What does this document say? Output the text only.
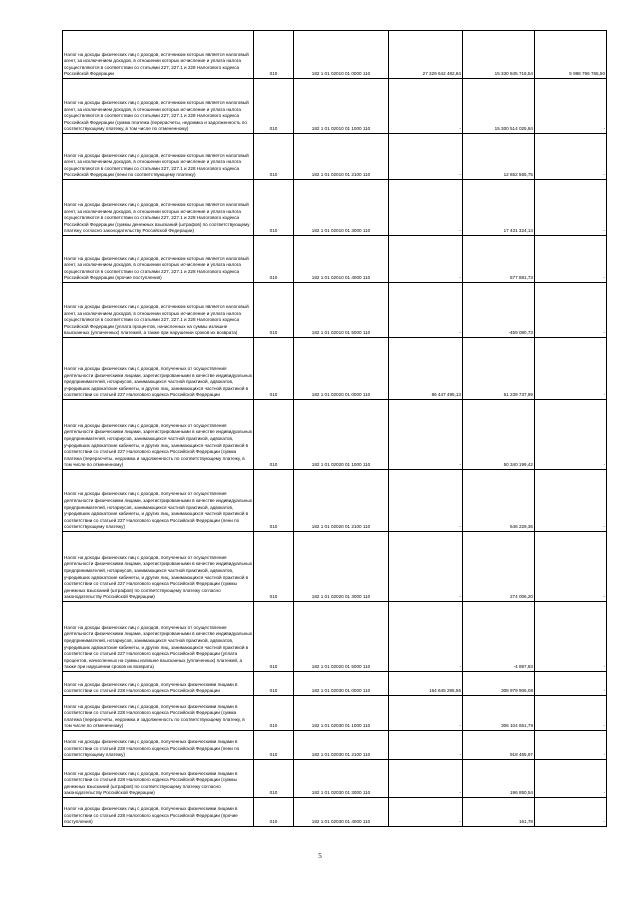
Налог на доходы физических лиц с доходов, источником которых является налоговый агент, за исключением доходов, в отношении которых исчисление и уплата налога осуществляются в соответствии со статьями 227, 227.1 и 228 Налогового кодекса Российской Федерации	010	182 1 01 02010 01 0000 110	27 329 642 482,84	15 330 845 716,54	5 998 796 765,50

Налог на доходы физических лиц с доходов, источником которых является налоговый агент, за исключением доходов, в отношении которых исчисление и уплата налога осуществляются в соответствии со статьями 227, 227.1 и 228 Налогового кодекса Российской Федерации (сумма платежа (перерасчеты, недоимка и задолженность по соответствующему платежу, в том числе по отмененному)	010	182 1 01 02010 01 1000 110	-	15 300 514 025,84	-

Налог на доходы физических лиц с доходов, источником которых является налоговый агент, за исключением доходов, в отношении которых исчисление и уплата налога осуществляются в соответствии со статьями 227, 227.1 и 228 Налогового кодекса Российской Федерации (пени по соответствующему платежу)	010	182 1 01 02010 01 2100 110	-	12 652 565,75	-

Налог на доходы физических лиц с доходов, источником которых является налоговый агент, за исключением доходов, в отношении которых исчисление и уплата налога осуществляются в соответствии со статьями 227, 227.1 и 228 Налогового кодекса Российской Федерации (суммы денежных взысканий (штрафов) по соответствующему платежу согласно законодательству Российской Федерации)	010	182 1 01 02010 01 3000 110	-	17 431 324,14	-

Налог на доходы физических лиц с доходов, источником которых является налоговый агент, за исключением доходов, в отношении которых исчисление и уплата налога осуществляются в соответствии со статьями 227, 227.1 и 228 Налогового кодекса Российской Федерации (прочие поступления)	010	182 1 01 02010 01 4000 110	-	577 881,73	-

Налог на доходы физических лиц с доходов, источником которых является налоговый агент, за исключением доходов, в отношении которых исчисление и уплата налога осуществляются в соответствии со статьями 227, 227.1 и 228 Налогового кодекса Российской Федерации (уплата процентов, начисленных на суммы излишне взысканных (уплаченных) платежей, а также при нарушении сроков их возврата)	010	182 1 01 02010 01 5000 110	-	-459 080,73	-

Налог на доходы физических лиц с доходов, полученных от осуществления деятельности физическими лицами, зарегистрированными в качестве индивидуальных предпринимателей, нотариусов, занимающихся частной практикой, адвокатов, учредивших адвокатские кабинеты, и других лиц, занимающихся частной практикой в соответствии со статьей 227 Налогового кодекса Российской Федерации	010	182 1 01 02020 01 0000 110	86 447 495,13	51 239 737,89	-

Налог на доходы физических лиц с доходов, полученных от осуществления деятельности физическими лицами, зарегистрированными в качестве индивидуальных предпринимателей, нотариусов, занимающихся частной практикой, адвокатов, учредивших адвокатские кабинеты, и других лиц, занимающихся частной практикой в соответствии со статьей 227 Налогового кодекса Российской Федерации (сумма платежа (перерасчеты, недоимка и задолженность по соответствующему платежу, в том числе по отмененному)	010	182 1 01 02020 01 1000 110	-	50 340 199,42	-

Налог на доходы физических лиц с доходов, полученных от осуществления деятельности физическими лицами, зарегистрированными в качестве индивидуальных предпринимателей, нотариусов, занимающихся частной практикой, адвокатов, учредивших адвокатские кабинеты, и других лиц, занимающихся частной практикой в соответствии со статьей 227 Налогового кодекса Российской Федерации (пени по соответствующему платежу)	010	182 1 01 02020 01 2100 110	-	646 229,36	-

Налог на доходы физических лиц с доходов, полученных от осуществления деятельности физическими лицами, зарегистрированными в качестве индивидуальных предпринимателей, нотариусов, занимающихся частной практикой, адвокатов, учредивших адвокатские кабинеты, и других лиц, занимающихся частной практикой в соответствии со статьей 227 Налогового кодекса Российской Федерации (суммы денежных взысканий (штрафов) по соответствующему платежу согласно законодательству Российской Федерации)	010	182 1 01 02020 01 3000 110	-	274 006,20	-

Налог на доходы физических лиц с доходов, полученных от осуществления деятельности физическими лицами, зарегистрированными в качестве индивидуальных предпринимателей, нотариусов, занимающихся частной практикой, адвокатов, учредивших адвокатские кабинеты, и других лиц, занимающихся частной практикой в соответствии со статьей 227 Налогового кодекса Российской Федерации (уплата процентов, начисленных на суммы излишне взысканных (уплаченных) платежей, а также при нарушении сроков их возврата)	010	182 1 01 02020 01 5000 110	-	-4 897,83	-

Налог на доходы физических лиц с доходов, полученных физическими лицами в соответствии со статьей 228 Налогового кодекса Российской Федерации	010	182 1 01 02030 01 0000 110	164 645 295,56	308 979 906,08	-

Налог на доходы физических лиц с доходов, полученных физическими лицами в соответствии со статьей 228 Налогового кодекса Российской Федерации (сумма платежа (перерасчеты, недоимка и задолженность по соответствующему платежу, в том числе по отмененному)	010	182 1 01 02030 01 1000 110	-	306 104 651,79	-

Налог на доходы физических лиц с доходов, полученных физическими лицами в соответствии со статьей 228 Налогового кодекса Российской Федерации (пени по соответствующему платежу)	010	182 1 01 02030 01 2100 110	-	918 465,97	-

Налог на доходы физических лиц с доходов, полученных физическими лицами в соответствии со статьей 228 Налогового кодекса Российской Федерации (суммы денежных взысканий (штрафов) по соответствующему платежу согласно законодательству Российской Федерации)	010	182 1 01 02030 01 3000 110	-	196 850,54	-

Налог на доходы физических лиц с доходов, полученных физическими лицами в соответствии со статьей 228 Налогового кодекса Российской Федерации (прочие поступления)	010	182 1 01 02030 01 4000 110	-	161,78	-
5
